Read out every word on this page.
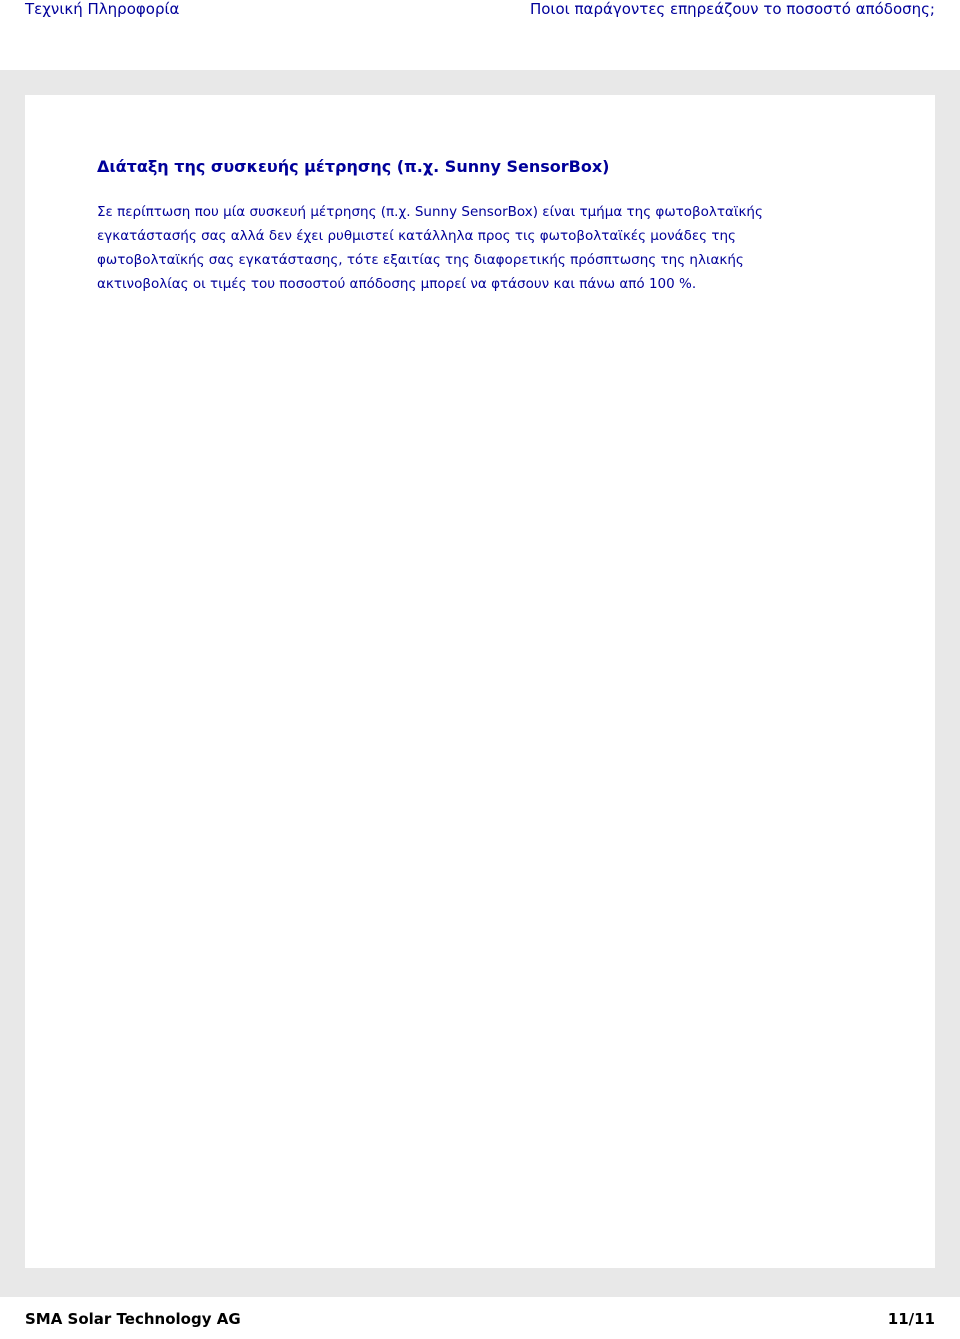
Τεχνική Πληροφορία	Ποιοι παράγοντες επηρεάζουν το ποσοστό απόδοσης;
Διάταξη της συσκευής μέτρησης (π.χ. Sunny SensorBox)
Σε περίπτωση που μία συσκευή μέτρησης (π.χ. Sunny SensorBox) είναι τμήμα της φωτοβολταϊκής εγκατάστασής σας αλλά δεν έχει ρυθμιστεί κατάλληλα προς τις φωτοβολταϊκές μονάδες της φωτοβολταϊκής σας εγκατάστασης, τότε εξαιτίας της διαφορετικής πρόσπτωσης της ηλιακής ακτινοβολίας οι τιμές του ποσοστού απόδοσης μπορεί να φτάσουν και πάνω από 100 %.
SMA Solar Technology AG	11/11
